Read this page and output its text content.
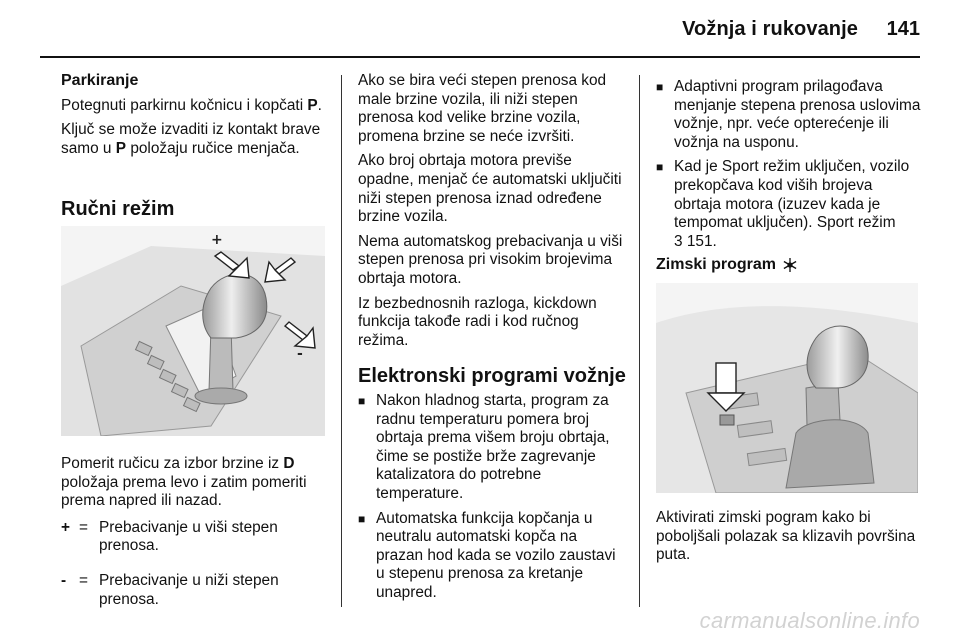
Vožnja i rukovanje 141

Parkiranje

Potegnuti parkirnu kočnicu i kopčati P.

Ključ se može izvaditi iz kontakt brave samo u P položaju ručice menjača.

Ručni režim
+
-

Pomerit ručicu za izbor brzine iz D položaja prema levo i zatim pomeriti prema napred ili nazad.

+ = Prebacivanje u viši stepen prenosa.
- = Prebacivanje u niži stepen prenosa.

Ako se bira veći stepen prenosa kod male brzine vozila, ili niži stepen prenosa kod velike brzine vozila, promena brzine se neće izvršiti.

Ako broj obrtaja motora previše opadne, menjač će automatski uključiti niži stepen prenosa iznad određene brzine vozila.

Nema automatskog prebacivanja u viši stepen prenosa pri visokim brojevima obrtaja motora.

Iz bezbednosnih razloga, kickdown funkcija takođe radi i kod ručnog režima.

Elektronski programi vožnje
■ Nakon hladnog starta, program za radnu temperaturu pomera broj obrtaja prema višem broju obrtaja, čime se postiže brže zagrevanje katalizatora do potrebne temperature.
■ Automatska funkcija kopčanja u neutralu automatski kopča na prazan hod kada se vozilo zaustavi u stepenu prenosa za kretanje unapred.
■ Adaptivni program prilagođava menjanje stepena prenosa uslovima vožnje, npr. veće opterećenje ili vožnja na usponu.
■ Kad je Sport režim uključen, vozilo prekopčava kod viših brojeva obrtaja motora (izuzev kada je tempomat uključen). Sport režim
3 151.
Zimski program

Aktivirati zimski pogram kako bi poboljšali polazak sa klizavih površina puta.

carmanualsonline.info
